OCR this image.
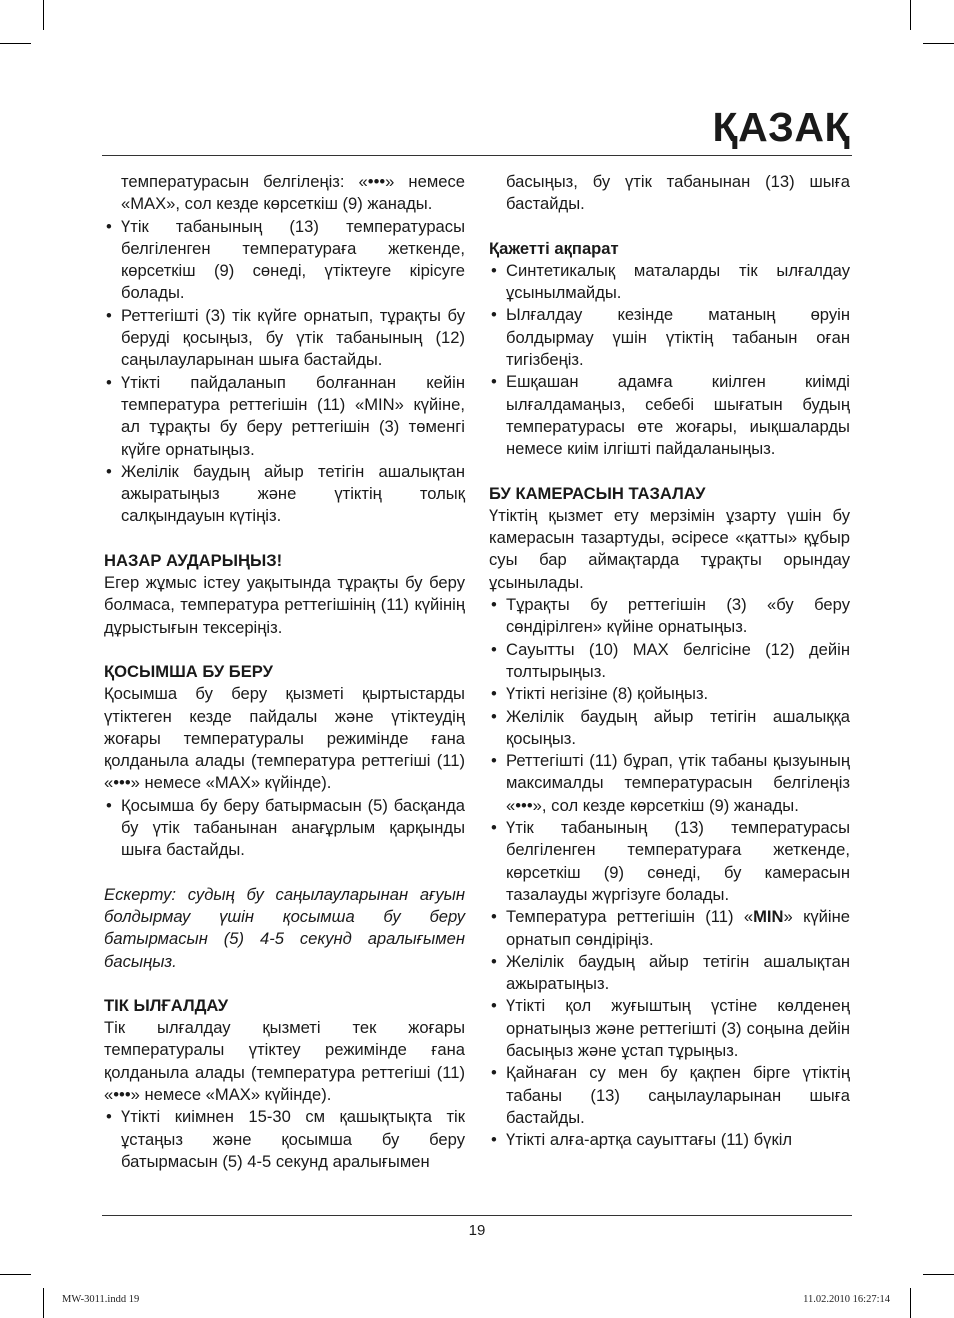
ҚАЗАҚ

температурасын белгілеңіз: «•••» немесе «MAX», сол кезде көрсеткіш (9) жанады.

• Үтік табанының (13) температурасы белгіленген температураға жеткенде, көрсеткіш (9) сөнеді, үтіктеуге кірісуге болады.
• Реттегішті (3) тік күйге орнатып, тұрақты бу беруді қосыңыз, бу үтік табанының (12) саңылауларынан шыға бастайды.
• Үтікті пайдаланып болғаннан кейін температура реттегішін (11) «MIN» күйіне, ал тұрақты бу беру реттегішін (3) төменгі күйге орнатыңыз.
• Желілік баудың айыр тетігін ашалықтан ажыратыңыз және үтіктің толық салқындауын күтіңіз.

НАЗАР АУДАРЫҢЫЗ!

Егер жұмыс істеу уақытында тұрақты бу беру болмаса, температура реттегішінің (11) күйінің дұрыстығын тексеріңіз.

ҚОСЫМША БУ БЕРУ

Қосымша бу беру қызметі қыртыстарды үтіктеген кезде пайдалы және үтіктеудің жоғары температуралы режимінде ғана қолданыла алады (температура реттегіші (11) «•••» немесе «MAX» күйінде).

• Қосымша бу беру батырмасын (5) басқанда бу үтік табанынан анағұрлым қарқынды шыға бастайды.

Ескерту: судың бу саңылауларынан ағуын болдырмау үшін қосымша бу беру батырмасын (5) 4-5 секунд аралығымен басыңыз.

ТІК ЫЛҒАЛДАУ

Тік ылғалдау қызметі тек жоғары температуралы үтіктеу режимінде ғана қолданыла алады (температура реттегіші (11) «•••» немесе «MAX» күйінде).

• Үтікті киімнен 15-30 см қашықтықта тік ұстаңыз және қосымша бу беру батырмасын (5) 4-5 секунд аралығымен

басыңыз, бу үтік табанынан (13) шыға бастайды.

Қажетті ақпарат

• Синтетикалық маталарды тік ылғалдау ұсынылмайды.
• Ылғалдау кезінде матаның өруін болдырмау үшін үтіктің табанын оған тигізбеңіз.
• Ешқашан адамға киілген киімді ылғалдамаңыз, себебі шығатын будың температурасы өте жоғары, иықшаларды немесе киім ілгішті пайдаланыңыз.

БУ КАМЕРАСЫН ТАЗАЛАУ

Үтіктің қызмет ету мерзімін ұзарту үшін бу камерасын тазартуды, әсіресе «қатты» құбыр суы бар аймақтарда тұрақты орындау ұсынылады.

• Тұрақты бу реттегішін (3) «бу беру сөндірілген» күйіне орнатыңыз.
• Сауытты (10) MAX белгісіне (12) дейін толтырыңыз.
• Үтікті негізіне (8) қойыңыз.
• Желілік баудың айыр тетігін ашалыққа қосыңыз.
• Реттегішті (11) бұрап, үтік табаны қызуының максималды температурасын белгілеңіз «•••», сол кезде көрсеткіш (9) жанады.
• Үтік табанының (13) температурасы белгіленген температураға жеткенде, көрсеткіш (9) сөнеді, бу камерасын тазалауды жүргізуге болады.
• Температура реттегішін (11) «MIN» күйіне орнатып сөндіріңіз.
• Желілік баудың айыр тетігін ашалықтан ажыратыңыз.
• Үтікті қол жуғыштың үстіне көлденең орнатыңыз және реттегішті (3) соңына дейін басыңыз және ұстап тұрыңыз.
• Қайнаған су мен бу қақпен бірге үтіктің табаны (13) саңылауларынан шыға бастайды.
• Үтікті алға-артқа сауыттағы (11) бүкіл
19
MW-3011.indd 19	11.02.2010 16:27:14
